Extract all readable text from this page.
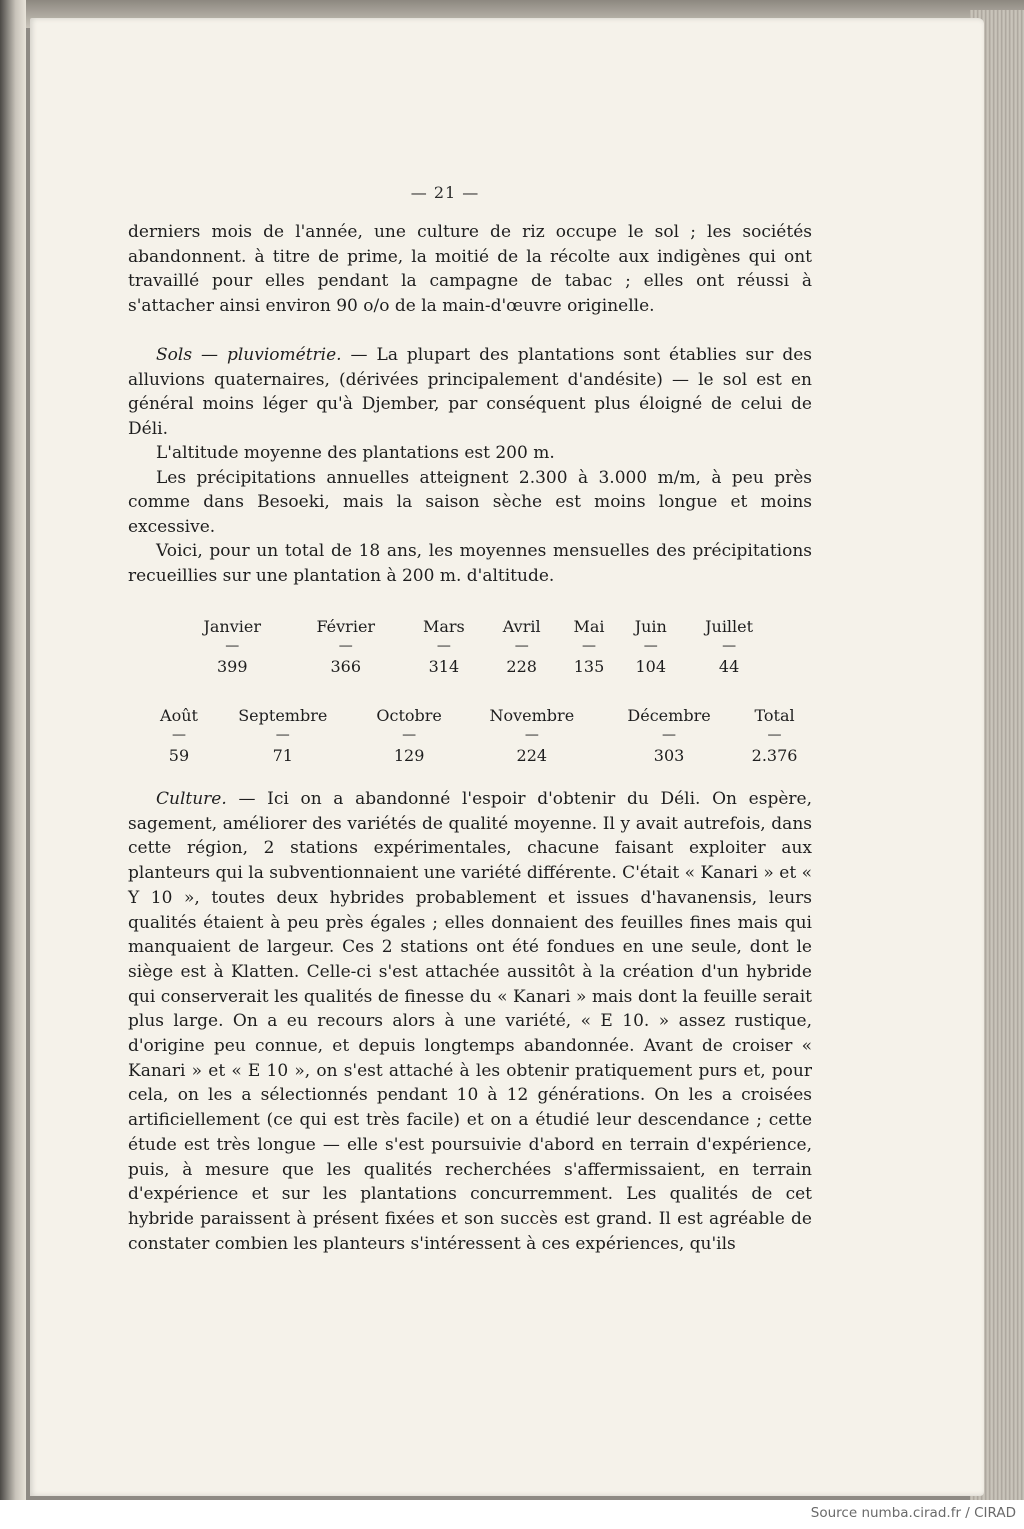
— 21 —

derniers mois de l'année, une culture de riz occupe le sol ; les sociétés abandonnent. à titre de prime, la moitié de la récolte aux indigènes qui ont travaillé pour elles pendant la campagne de tabac ; elles ont réussi à s'attacher ainsi environ 90 o/o de la main-d'œuvre originelle.

Sols — pluviométrie. — La plupart des plantations sont établies sur des alluvions quaternaires, (dérivées principalement d'andésite) — le sol est en général moins léger qu'à Djember, par conséquent plus éloigné de celui de Déli.

L'altitude moyenne des plantations est 200 m.

Les précipitations annuelles atteignent 2.300 à 3.000 m/m, à peu près comme dans Besoeki, mais la saison sèche est moins longue et moins excessive.

Voici, pour un total de 18 ans, les moyennes mensuelles des précipitations recueillies sur une plantation à 200 m. d'altitude.

Janvier	Février	Mars	Avril	Mai	Juin	Juillet
—	—	—	—	—	—	—
399	366	314	228	135	104	44
Août	Septembre	Octobre	Novembre	Décembre	Total
—	—	—	—	—	—
59	71	129	224	303	2.376

Culture. — Ici on a abandonné l'espoir d'obtenir du Déli. On espère, sagement, améliorer des variétés de qualité moyenne. Il y avait autrefois, dans cette région, 2 stations expérimentales, chacune faisant exploiter aux planteurs qui la subventionnaient une variété différente. C'était « Kanari » et « Y 10 », toutes deux hybrides probablement et issues d'havanensis, leurs qualités étaient à peu près égales ; elles donnaient des feuilles fines mais qui manquaient de largeur. Ces 2 stations ont été fondues en une seule, dont le siège est à Klatten. Celle-ci s'est attachée aussitôt à la création d'un hybride qui conserverait les qualités de finesse du « Kanari » mais dont la feuille serait plus large. On a eu recours alors à une variété, « E 10. » assez rustique, d'origine peu connue, et depuis longtemps abandonnée. Avant de croiser « Kanari » et « E 10 », on s'est attaché à les obtenir pratiquement purs et, pour cela, on les a sélectionnés pendant 10 à 12 générations. On les a croisées artificiellement (ce qui est très facile) et on a étudié leur descendance ; cette étude est très longue — elle s'est poursuivie d'abord en terrain d'expérience, puis, à mesure que les qualités recherchées s'affermissaient, en terrain d'expérience et sur les plantations concurremment. Les qualités de cet hybride paraissent à présent fixées et son succès est grand. Il est agréable de constater combien les planteurs s'intéressent à ces expériences, qu'ils

Source numba.cirad.fr / CIRAD
